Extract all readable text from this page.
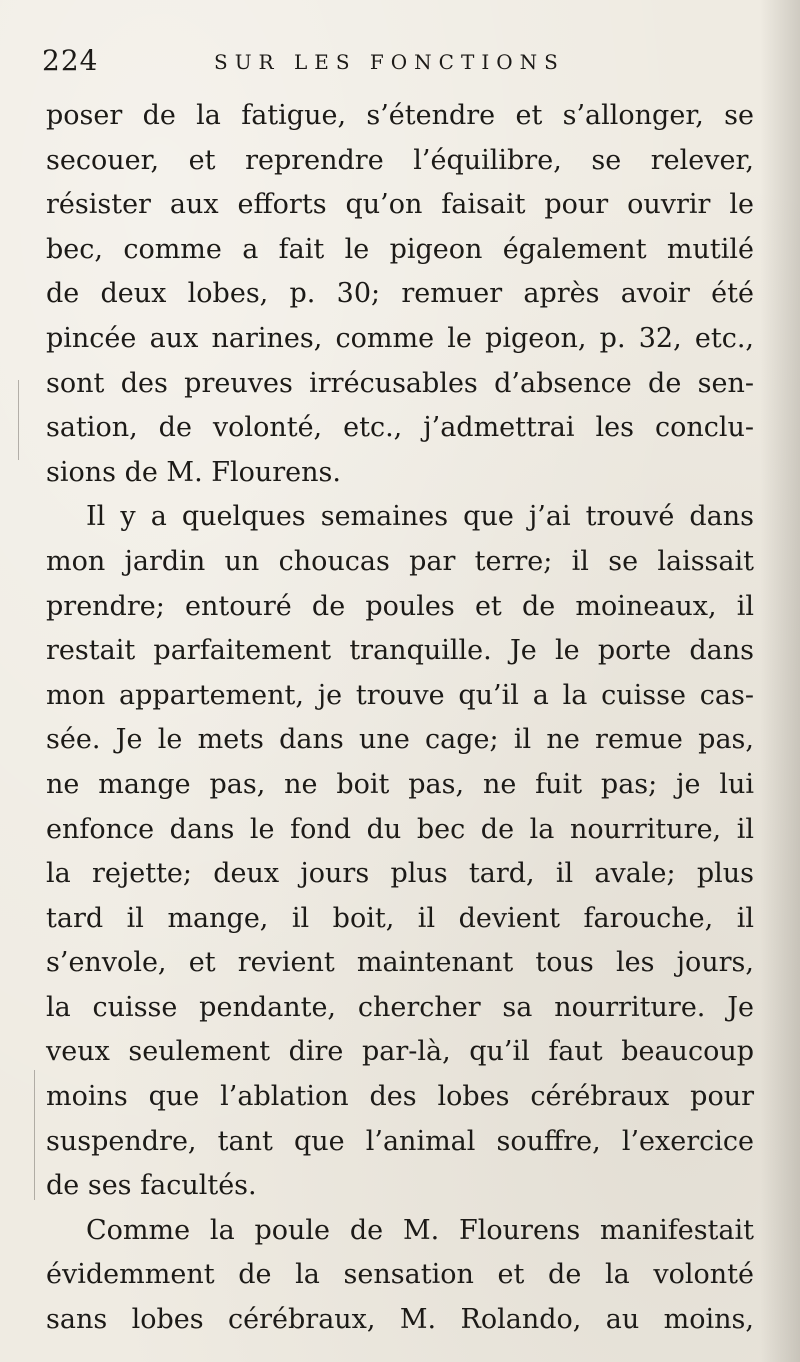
224	SUR LES FONCTIONS
poser de la fatigue, s’étendre et s’allonger, se
secouer, et reprendre l’équilibre, se relever,
résister aux efforts qu’on faisait pour ouvrir le
bec, comme a fait le pigeon également mutilé
de deux lobes, p. 30; remuer après avoir été
pincée aux narines, comme le pigeon, p. 32, etc.,
sont des preuves irrécusables d’absence de sen-
sation, de volonté, etc., j’admettrai les conclu-
sions de M. Flourens.
Il y a quelques semaines que j’ai trouvé dans
mon jardin un choucas par terre; il se laissait
prendre; entouré de poules et de moineaux, il
restait parfaitement tranquille. Je le porte dans
mon appartement, je trouve qu’il a la cuisse cas-
sée. Je le mets dans une cage; il ne remue pas,
ne mange pas, ne boit pas, ne fuit pas; je lui
enfonce dans le fond du bec de la nourriture, il
la rejette; deux jours plus tard, il avale; plus
tard il mange, il boit, il devient farouche, il
s’envole, et revient maintenant tous les jours,
la cuisse pendante, chercher sa nourriture. Je
veux seulement dire par-là, qu’il faut beaucoup
moins que l’ablation des lobes cérébraux pour
suspendre, tant que l’animal souffre, l’exercice
de ses facultés.
Comme la poule de M. Flourens manifestait
évidemment de la sensation et de la volonté
sans lobes cérébraux, M. Rolando, au moins,
